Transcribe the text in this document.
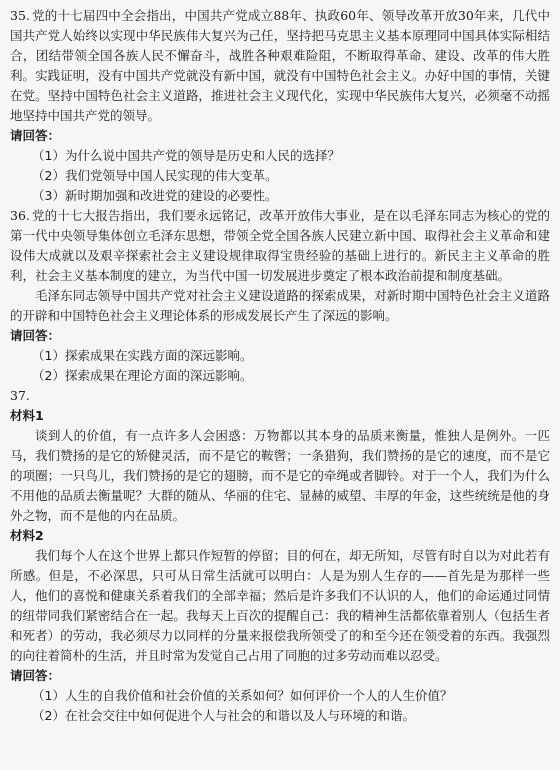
35. 党的十七届四中全会指出，中国共产党成立88年、执政60年、领导改革开放30年来，几代中国共产党人始终以实现中华民族伟大复兴为己任，坚持把马克思主义基本原理同中国具体实际相结合，团结带领全国各族人民不懈奋斗，战胜各种艰难险阻，不断取得革命、建设、改革的伟大胜利。实践证明，没有中国共产党就没有新中国，就没有中国特色社会主义。办好中国的事情，关键在党。坚持中国特色社会主义道路，推进社会主义现代化，实现中华民族伟大复兴，必须毫不动摇地坚持中国共产党的领导。

请回答：

（1）为什么说中国共产党的领导是历史和人民的选择？

（2）我们党领导中国人民实现的伟大变革。

（3）新时期加强和改进党的建设的必要性。

36. 党的十七大报告指出，我们要永远铭记，改革开放伟大事业，是在以毛泽东同志为核心的党的第一代中央领导集体创立毛泽东思想，带领全党全国各族人民建立新中国、取得社会主义革命和建设伟大成就以及艰辛探索社会主义建设规律取得宝贵经验的基础上进行的。新民主主义革命的胜利，社会主义基本制度的建立，为当代中国一切发展进步奠定了根本政治前提和制度基础。

毛泽东同志领导中国共产党对社会主义建设道路的探索成果，对新时期中国特色社会主义道路的开辟和中国特色社会主义理论体系的形成发展长产生了深远的影响。

请回答：

（1）探索成果在实践方面的深远影响。

（2）探索成果在理论方面的深远影响。

37.

材料1

谈到人的价值，有一点许多人会困惑：万物都以其本身的品质来衡量，惟独人是例外。一匹马，我们赞扬的是它的矫健灵活，而不是它的鞍辔；一条猎狗，我们赞扬的是它的速度，而不是它的项圈；一只鸟儿，我们赞扬的是它的翅膀，而不是它的牵绳或者脚铃。对于一个人，我们为什么不用他的品质去衡量呢？大群的随从、华丽的住宅、显赫的威望、丰厚的年金，这些统统是他的身外之物，而不是他的内在品质。

材料2

我们每个人在这个世界上都只作短暂的停留；目的何在，却无所知，尽管有时自以为对此若有所感。但是，不必深思，只可从日常生活就可以明白：人是为别人生存的——首先是为那样一些人，他们的喜悦和健康关系着我们的全部幸福；然后是许多我们不认识的人，他们的命运通过同情的纽带同我们紧密结合在一起。我每天上百次的提醒自己：我的精神生活都依靠着别人（包括生者和死者）的劳动，我必须尽力以同样的分量来报偿我所领受了的和至今还在领受着的东西。我强烈的向往着简朴的生活，并且时常为发觉自己占用了同胞的过多劳动而难以忍受。

请回答：

（1）人生的自我价值和社会价值的关系如何？如何评价一个人的人生价值？

（2）在社会交往中如何促进个人与社会的和谐以及人与环境的和谐。
